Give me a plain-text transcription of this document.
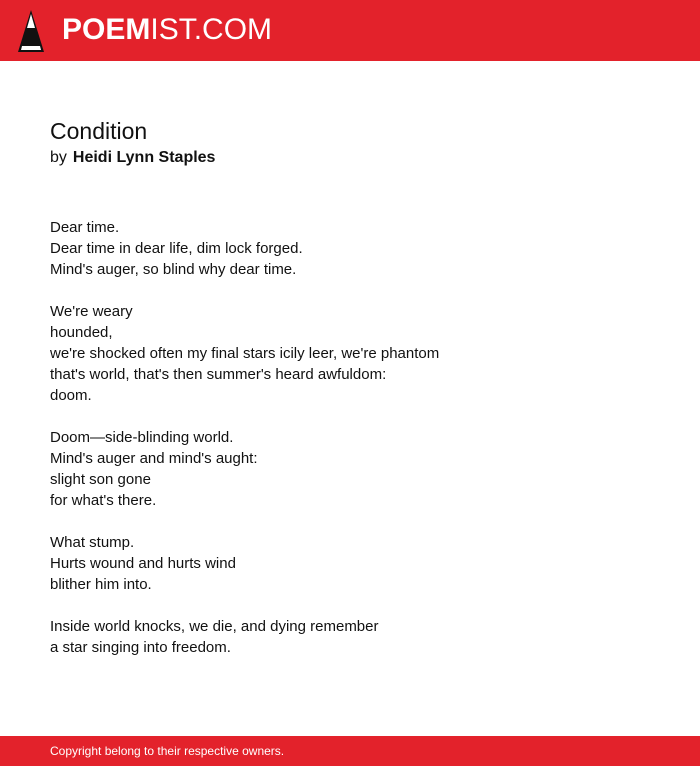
POEMIST.COM
Condition
by Heidi Lynn Staples
Dear time.
Dear time in dear life, dim lock forged.
Mind's auger, so blind why dear time.
We're weary
hounded,
we're shocked often my final stars icily leer, we're phantom
that's world, that's then summer's heard awfuldom:
doom.
Doom—side-blinding world.
Mind's auger and mind's aught:
slight son gone
for what's there.
What stump.
Hurts wound and hurts wind
blither him into.
Inside world knocks, we die, and dying remember
a star singing into freedom.
Copyright belong to their respective owners.
